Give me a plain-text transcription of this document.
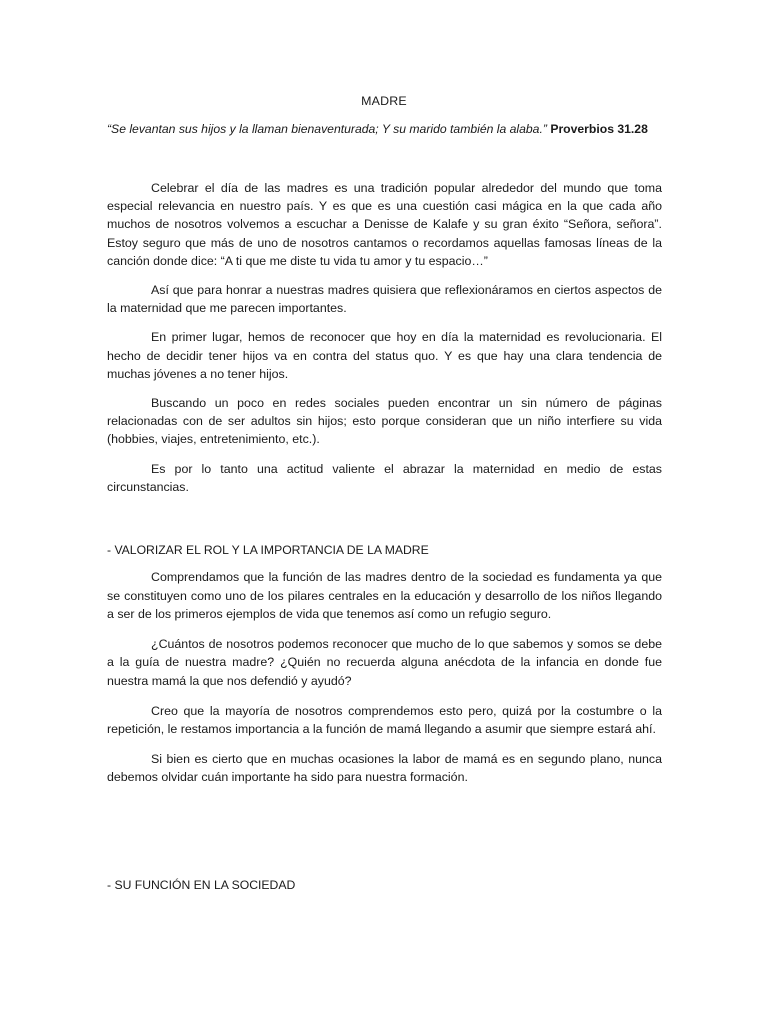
MADRE
“Se levantan sus hijos y la llaman bienaventurada; Y su marido también la alaba.” Proverbios 31.28

Celebrar el día de las madres es una tradición popular alrededor del mundo que toma especial relevancia en nuestro país. Y es que es una cuestión casi mágica en la que cada año muchos de nosotros volvemos a escuchar a Denisse de Kalafe y su gran éxito “Señora, señora”. Estoy seguro que más de uno de nosotros cantamos o recordamos aquellas famosas líneas de la canción donde dice: “A ti que me diste tu vida tu amor y tu espacio…”

Así que para honrar a nuestras madres quisiera que reflexionáramos en ciertos aspectos de la maternidad que me parecen importantes.

En primer lugar, hemos de reconocer que hoy en día la maternidad es revolucionaria. El hecho de decidir tener hijos va en contra del status quo. Y es que hay una clara tendencia de muchas jóvenes a no tener hijos.

Buscando un poco en redes sociales pueden encontrar un sin número de páginas relacionadas con de ser adultos sin hijos; esto porque consideran que un niño interfiere su vida (hobbies, viajes, entretenimiento, etc.).

Es por lo tanto una actitud valiente el abrazar la maternidad en medio de estas circunstancias.

- VALORIZAR EL ROL Y LA IMPORTANCIA DE LA MADRE

Comprendamos que la función de las madres dentro de la sociedad es fundamenta ya que se constituyen como uno de los pilares centrales en la educación y desarrollo de los niños llegando a ser de los primeros ejemplos de vida que tenemos así como un refugio seguro.

¿Cuántos de nosotros podemos reconocer que mucho de lo que sabemos y somos se debe a la guía de nuestra madre? ¿Quién no recuerda alguna anécdota de la infancia en donde fue nuestra mamá la que nos defendió y ayudó?

Creo que la mayoría de nosotros comprendemos esto pero, quizá por la costumbre o la repetición, le restamos importancia a la función de mamá llegando a asumir que siempre estará ahí.

Si bien es cierto que en muchas ocasiones la labor de mamá es en segundo plano, nunca debemos olvidar cuán importante ha sido para nuestra formación.

- SU FUNCIÓN EN LA SOCIEDAD
